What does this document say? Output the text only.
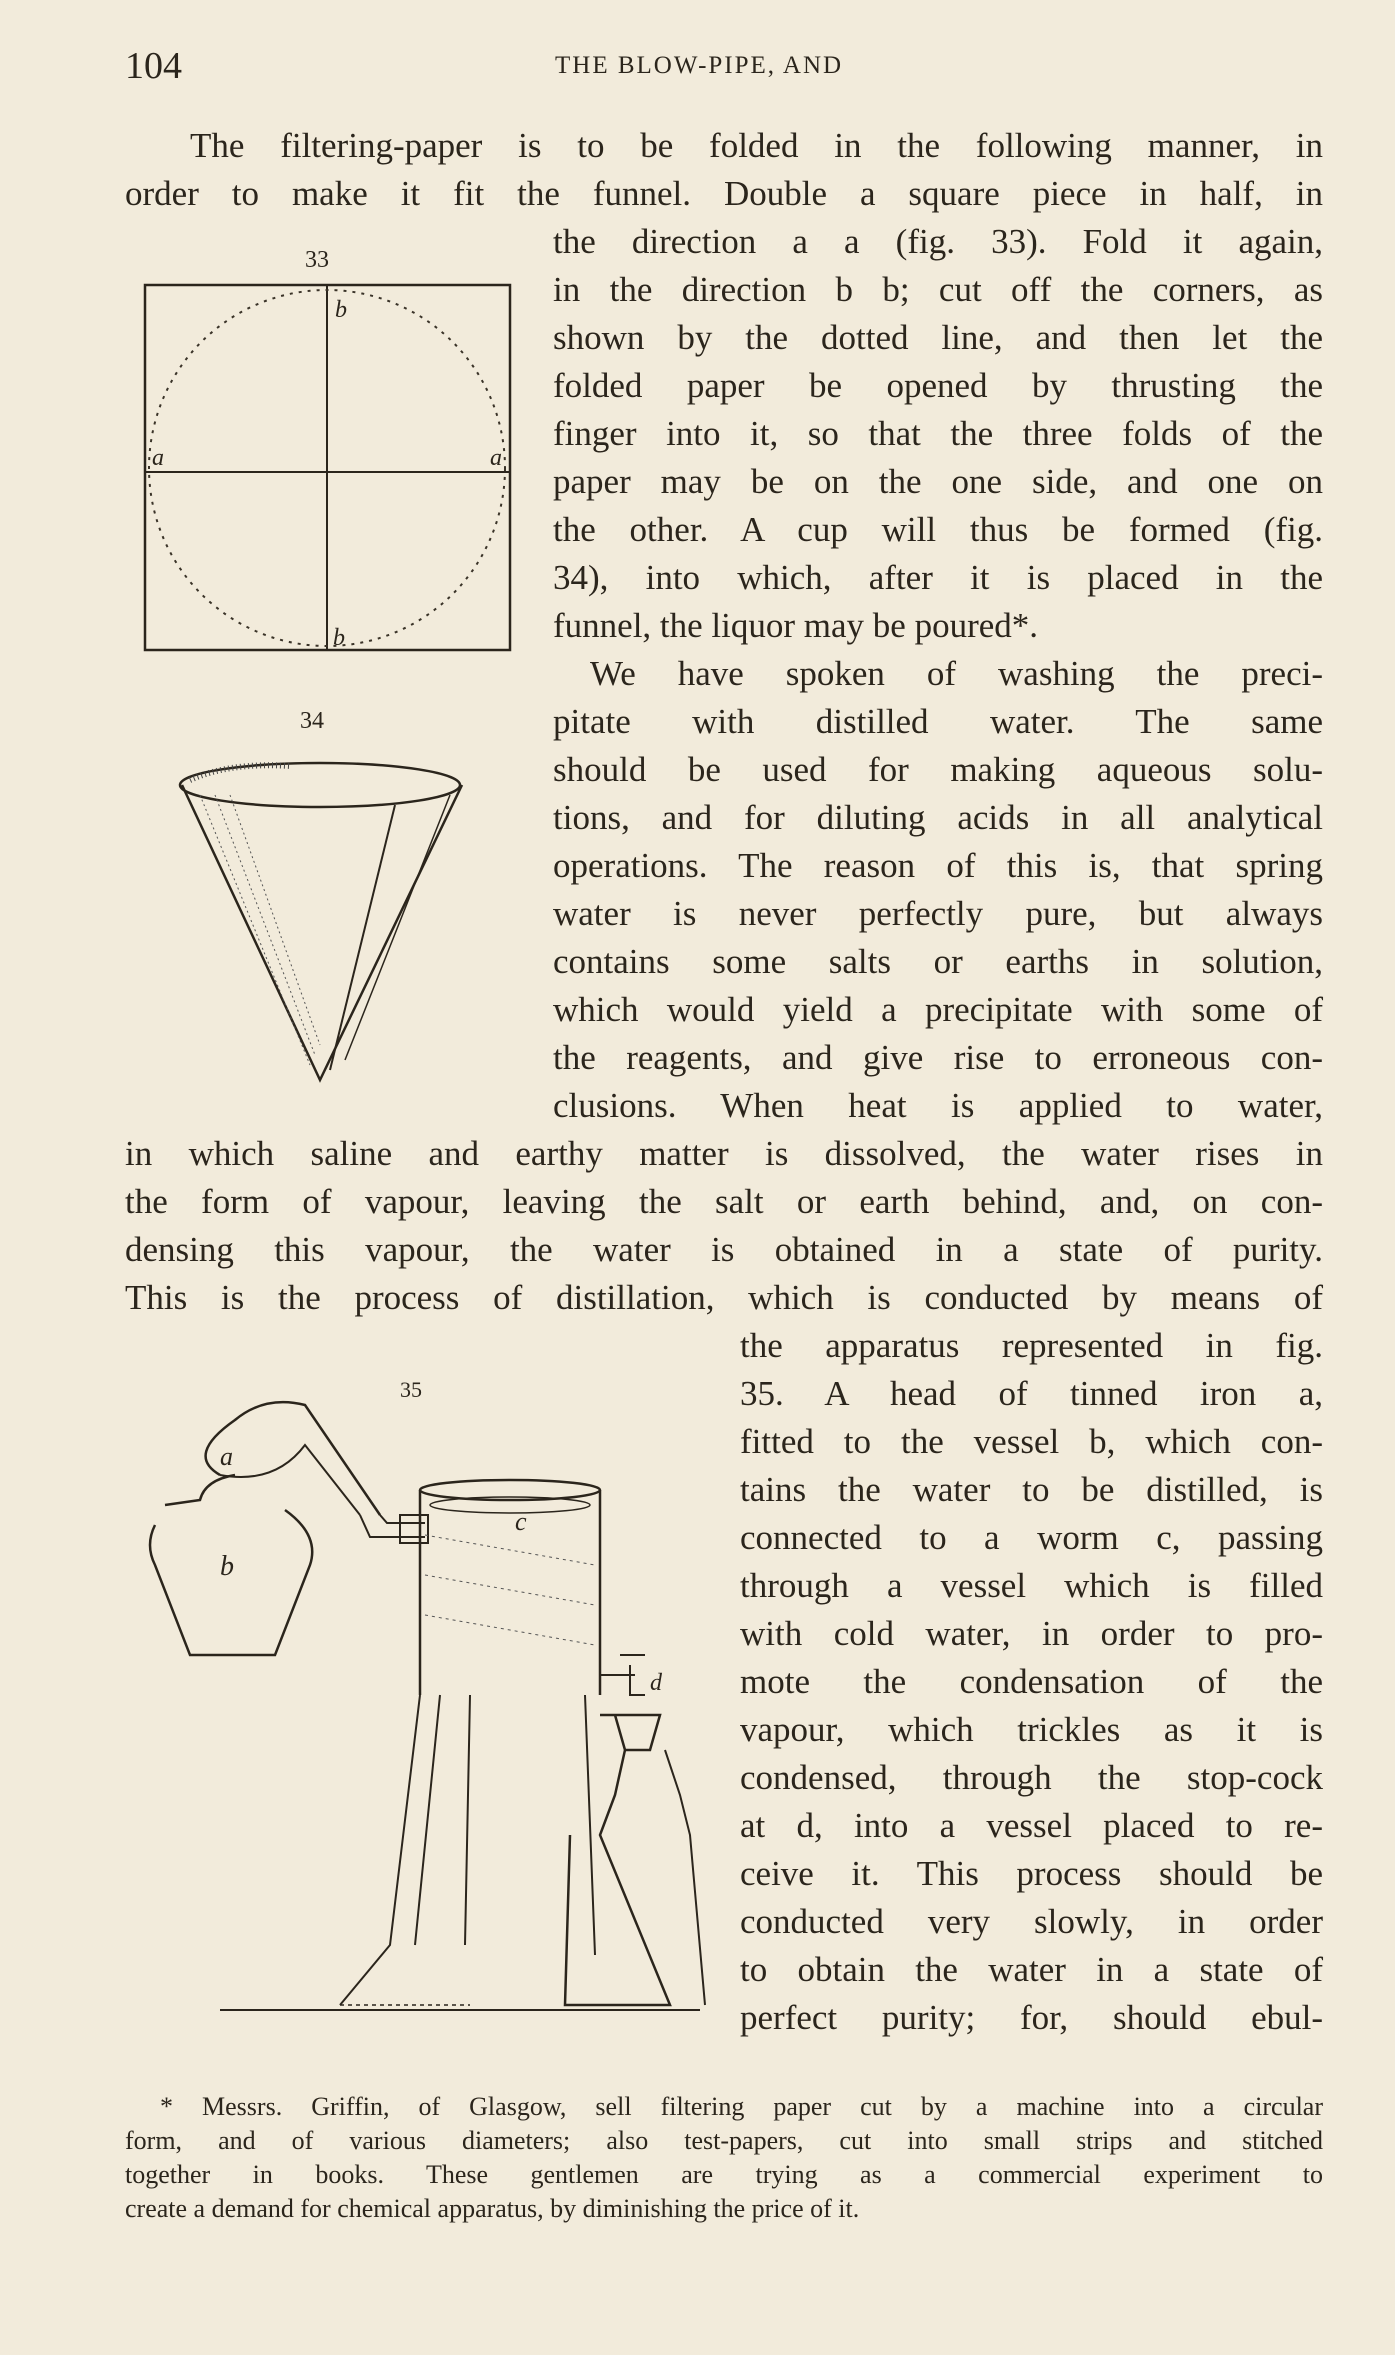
104	THE BLOW-PIPE, AND
The filtering-paper is to be folded in the following manner, in
order to make it fit the funnel. Double a square piece in half, in
the direction a a (fig. 33). Fold it again,
in the direction b b; cut off the corners, as
shown by the dotted line, and then let the
folded paper be opened by thrusting the
finger into it, so that the three folds of the
paper may be on the one side, and one on
the other. A cup will thus be formed (fig.
34), into which, after it is placed in the
funnel, the liquor may be poured*.
We have spoken of washing the preci-
pitate with distilled water. The same
should be used for making aqueous solu-
tions, and for diluting acids in all analytical
operations. The reason of this is, that spring
water is never perfectly pure, but always
contains some salts or earths in solution,
which would yield a precipitate with some of
the reagents, and give rise to erroneous con-
clusions. When heat is applied to water,
in which saline and earthy matter is dissolved, the water rises in
the form of vapour, leaving the salt or earth behind, and, on con-
densing this vapour, the water is obtained in a state of purity.
This is the process of distillation, which is conducted by means of
the apparatus represented in fig.
35. A head of tinned iron a,
fitted to the vessel b, which con-
tains the water to be distilled, is
connected to a worm c, passing
through a vessel which is filled
with cold water, in order to pro-
mote the condensation of the
vapour, which trickles as it is
condensed, through the stop-cock
at d, into a vessel placed to re-
ceive it. This process should be
conducted very slowly, in order
to obtain the water in a state of
perfect purity; for, should ebul-
* Messrs. Griffin, of Glasgow, sell filtering paper cut by a machine into a circular
form, and of various diameters; also test-papers, cut into small strips and stitched
together in books. These gentlemen are trying as a commercial experiment to
create a demand for chemical apparatus, by diminishing the price of it.
33
b
a	a
b
34
35
a
b
c
d
